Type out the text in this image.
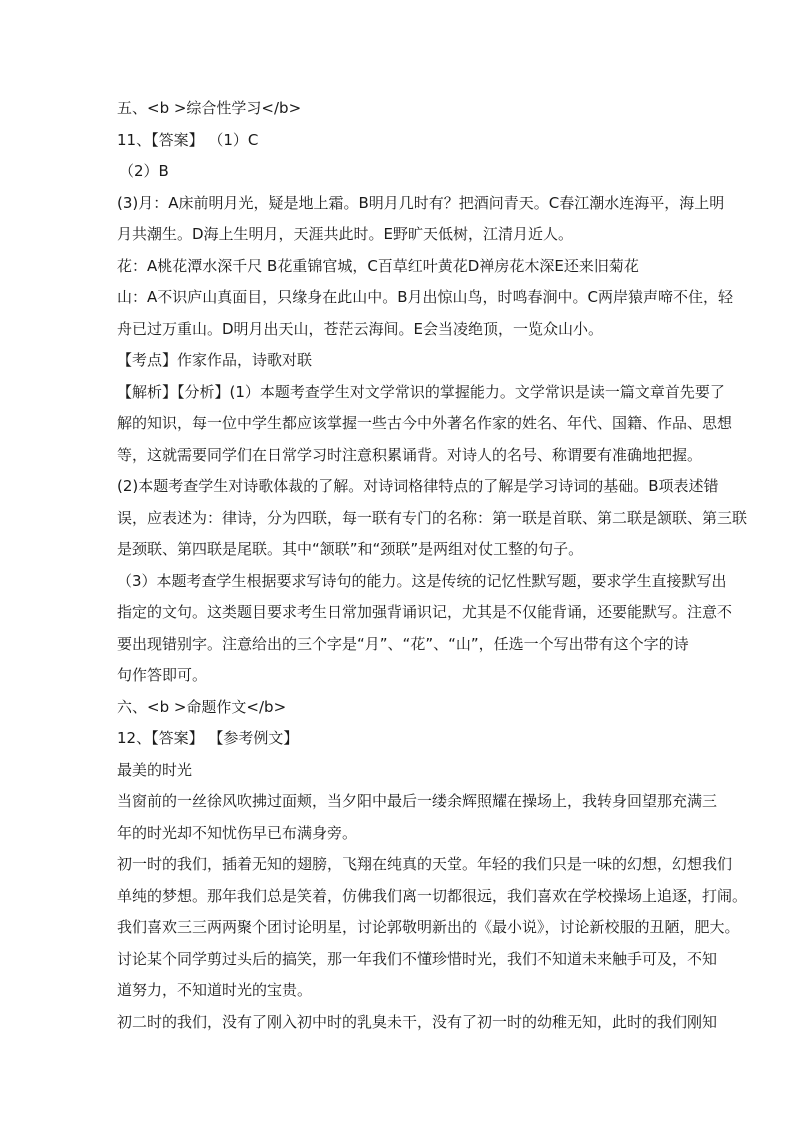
五、<b >综合性学习</b>
11、【答案】 （1）C
（2）B
(3)月：A床前明月光，疑是地上霜。B明月几时有？把酒问青天。C春江潮水连海平，海上明
月共潮生。D海上生明月，天涯共此时。E野旷天低树，江清月近人。
花：A桃花潭水深千尺 B花重锦官城，C百草红叶黄花D禅房花木深E还来旧菊花
山：A不识庐山真面目，只缘身在此山中。B月出惊山鸟，时鸣春涧中。C两岸猿声啼不住，轻
舟已过万重山。D明月出天山，苍茫云海间。E会当凌绝顶，一览众山小。
【考点】作家作品，诗歌对联
【解析】【分析】(1）本题考查学生对文学常识的掌握能力。文学常识是读一篇文章首先要了
解的知识，每一位中学生都应该掌握一些古今中外著名作家的姓名、年代、国籍、作品、思想
等，这就需要同学们在日常学习时注意积累诵背。对诗人的名号、称谓要有准确地把握。
(2)本题考查学生对诗歌体裁的了解。对诗词格律特点的了解是学习诗词的基础。B项表述错
误，应表述为：律诗，分为四联，每一联有专门的名称：第一联是首联、第二联是颔联、第三联
是颈联、第四联是尾联。其中“颔联”和“颈联”是两组对仗工整的句子。
（3）本题考查学生根据要求写诗句的能力。这是传统的记忆性默写题，要求学生直接默写出
指定的文句。这类题目要求考生日常加强背诵识记，尤其是不仅能背诵，还要能默写。注意不
要出现错别字。注意给出的三个字是“月”、“花”、“山”，任选一个写出带有这个字的诗
句作答即可。
六、<b >命题作文</b>
12、【答案】 【参考例文】
最美的时光
当窗前的一丝徐风吹拂过面颊，当夕阳中最后一缕余辉照耀在操场上，我转身回望那充满三
年的时光却不知忧伤早已布满身旁。
初一时的我们，插着无知的翅膀，飞翔在纯真的天堂。年轻的我们只是一味的幻想，幻想我们
单纯的梦想。那年我们总是笑着，仿佛我们离一切都很远，我们喜欢在学校操场上追逐，打闹。
我们喜欢三三两两聚个团讨论明星，讨论郭敬明新出的《最小说》，讨论新校服的丑陋，肥大。
讨论某个同学剪过头后的搞笑，那一年我们不懂珍惜时光，我们不知道未来触手可及，不知
道努力，不知道时光的宝贵。
初二时的我们，没有了刚入初中时的乳臭未干，没有了初一时的幼稚无知，此时的我们刚知
